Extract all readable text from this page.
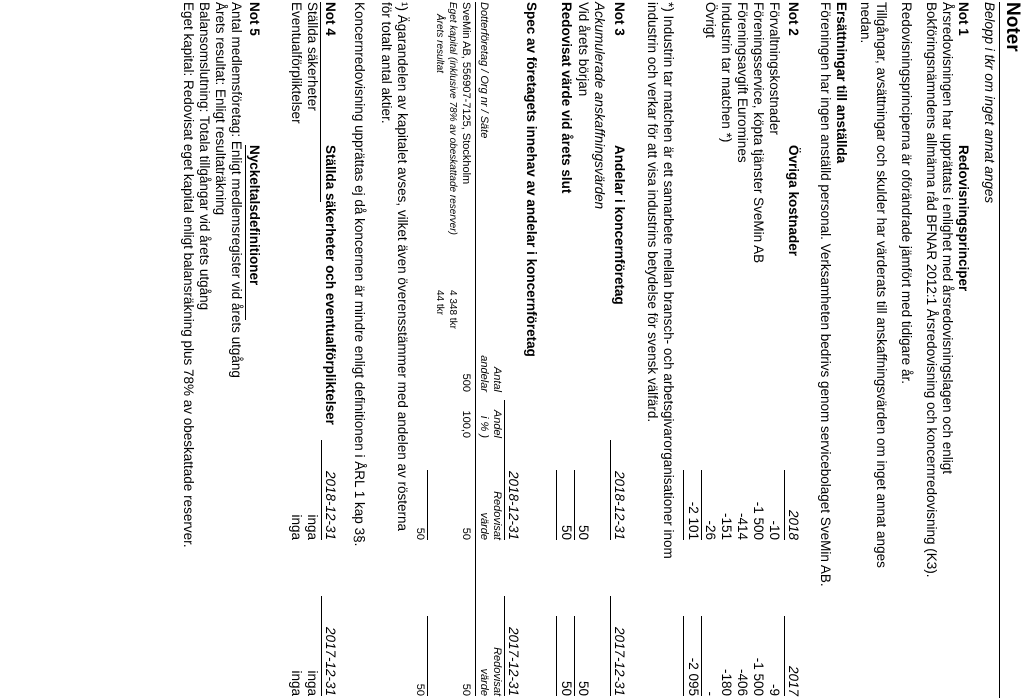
Noter
Belopp i tkr om inget annat anges
Not 1
Redovisningsprinciper
Årsredovisningen har upprättats i enlighet med årsredovisningslagen och enligt
Bokföringsnämndens allmänna råd BFNAR 2012:1 Årsredovisning och koncernredovisning (K3).
Redovisningsprinciperna är oförändrade jämfört med tidigare år.
Tillgångar, avsättningar och skulder har värderats till anskaffningsvärden om inget annat anges
nedan.
Ersättningar till anställda
Föreningen har ingen anställd personal. Verksamheten bedrivs genom servicebolaget SveMin AB.
Not 2
Övriga kostnader
2018
2017
Förvaltningskostnader
-10
-9
Föreningsservice, köpta tjänster SveMin AB
-1 500
-1 500
Föreningsavgift Euromines
-414
-406
Industrin tar matchen *)
-151
-180
Övrigt
-26
-
-2 101
-2 095
*) Industrin tar matchen är ett samarbete mellan bransch- och arbetsgivarorganisationer inom
industrin och verkar för att visa industrins betydelse för svensk välfärd.
Not 3
Andelar i koncernföretag
2018-12-31
2017-12-31
Ackumulerade anskaffningsvärden
Vid årets början
50
50
Redovisat värde vid årets slut
50
50
Spec av företagets innehav av andelar i koncernföretag
2018-12-31
2017-12-31
Antal
andelar
Andel
i % )
Redovisat
värde
Redovisat
värde
Dotterföretag / Org nr / Säte
SveMin AB, 556907-7125, Stockholm
500
100,0
50
50
Eget kapital (inklusive 78% av obeskattade reserver)
4 348 tkr
Årets resultat
44 tkr
50
50
¹) Ägarandelen av kapitalet avses, vilket även överensstämmer med andelen av rösterna
för totalt antal aktier.
Koncernredovisning upprättas ej då koncernen är mindre enligt definitionen i ÅRL 1 kap 3§.
Not 4
Ställda säkerheter och eventualförpliktelser
2018-12-31
2017-12-31
Ställda säkerheter
inga
inga
Eventualförpliktelser
inga
inga
Not 5
Nyckeltalsdefinitioner
Antal medlemsföretag: Enligt medlemsregister vid årets utgång
Årets resultat: Enligt resultaträkning
Balansomslutning: Totala tillgångar vid årets utgång
Eget kapital: Redovisat eget kapital enligt balansräkning plus 78% av obeskattade reserver.
